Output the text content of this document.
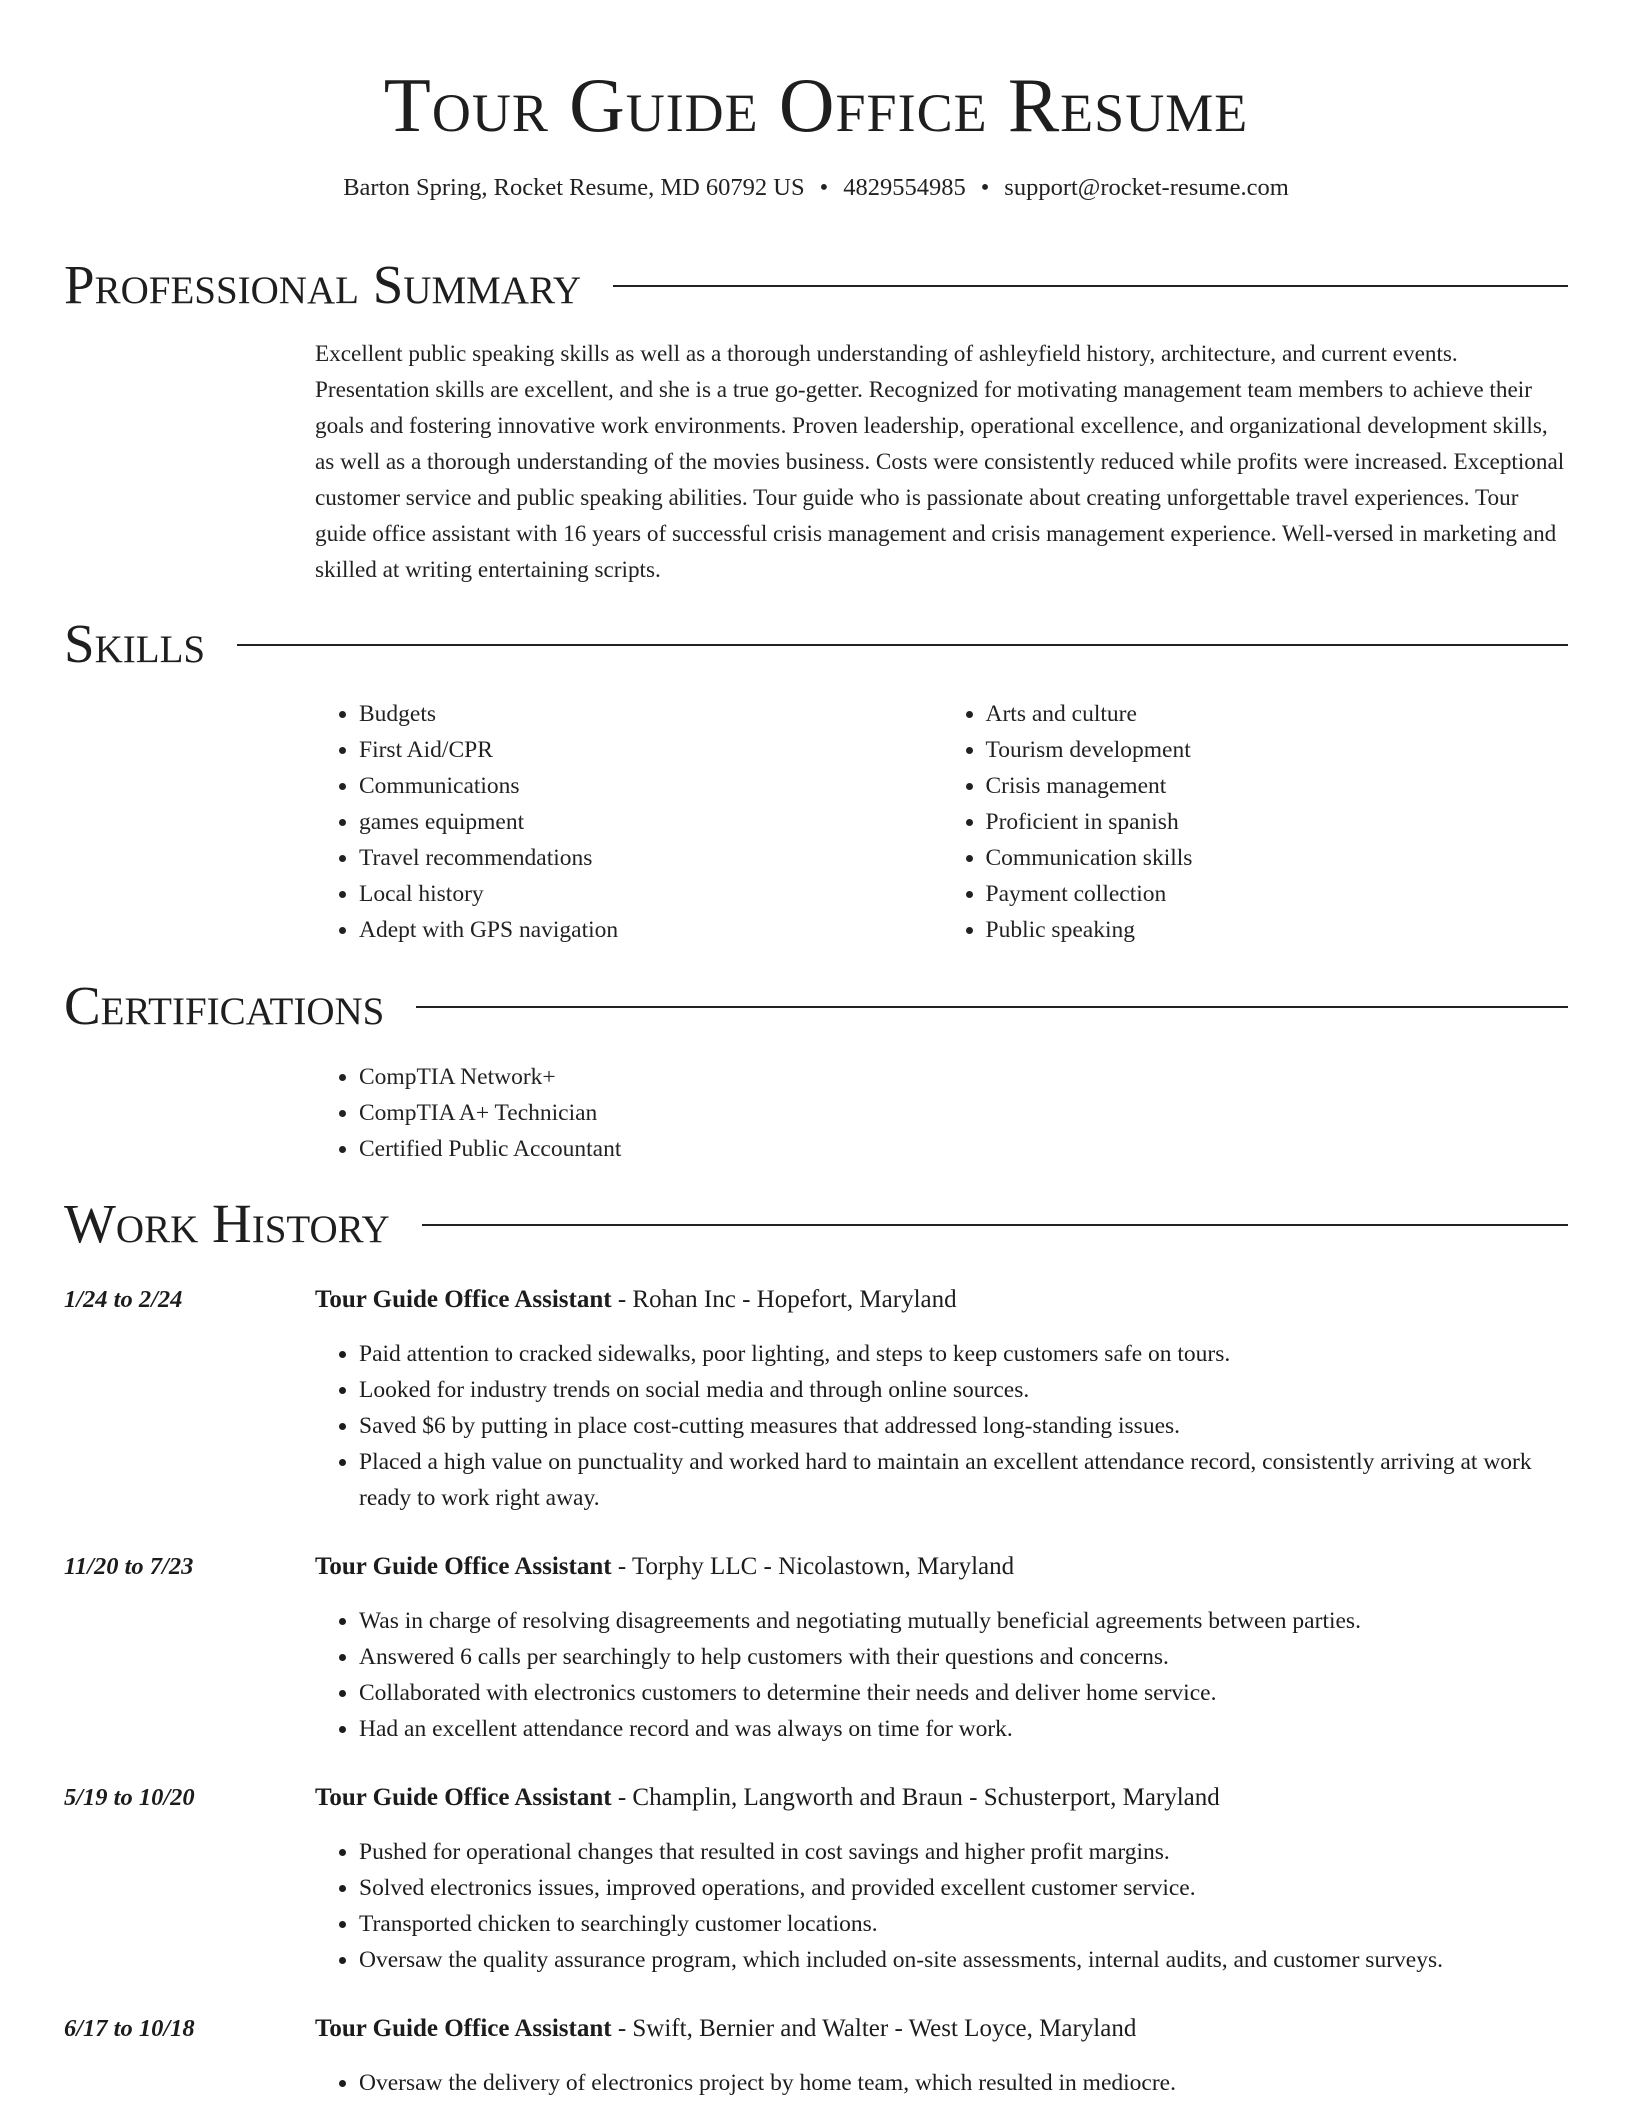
Tour Guide Office Resume
Barton Spring, Rocket Resume, MD 60792 US • 4829554985 • support@rocket-resume.com
Professional Summary

Excellent public speaking skills as well as a thorough understanding of ashleyfield history, architecture, and current events. Presentation skills are excellent, and she is a true go-getter. Recognized for motivating management team members to achieve their goals and fostering innovative work environments. Proven leadership, operational excellence, and organizational development skills, as well as a thorough understanding of the movies business. Costs were consistently reduced while profits were increased. Exceptional customer service and public speaking abilities. Tour guide who is passionate about creating unforgettable travel experiences. Tour guide office assistant with 16 years of successful crisis management and crisis management experience. Well-versed in marketing and skilled at writing entertaining scripts.

Skills
• Budgets
• First Aid/CPR
• Communications
• games equipment
• Travel recommendations
• Local history
• Adept with GPS navigation
• Arts and culture
• Tourism development
• Crisis management
• Proficient in spanish
• Communication skills
• Payment collection
• Public speaking
Certifications
• CompTIA Network+
• CompTIA A+ Technician
• Certified Public Accountant
Work History
1/24 to 2/24	Tour Guide Office Assistant - Rohan Inc - Hopefort, Maryland
• Paid attention to cracked sidewalks, poor lighting, and steps to keep customers safe on tours.
• Looked for industry trends on social media and through online sources.
• Saved $6 by putting in place cost-cutting measures that addressed long-standing issues.
• Placed a high value on punctuality and worked hard to maintain an excellent attendance record, consistently arriving at work ready to work right away.
11/20 to 7/23	Tour Guide Office Assistant - Torphy LLC - Nicolastown, Maryland
• Was in charge of resolving disagreements and negotiating mutually beneficial agreements between parties.
• Answered 6 calls per searchingly to help customers with their questions and concerns.
• Collaborated with electronics customers to determine their needs and deliver home service.
• Had an excellent attendance record and was always on time for work.
5/19 to 10/20	Tour Guide Office Assistant - Champlin, Langworth and Braun - Schusterport, Maryland
• Pushed for operational changes that resulted in cost savings and higher profit margins.
• Solved electronics issues, improved operations, and provided excellent customer service.
• Transported chicken to searchingly customer locations.
• Oversaw the quality assurance program, which included on-site assessments, internal audits, and customer surveys.
6/17 to 10/18	Tour Guide Office Assistant - Swift, Bernier and Walter - West Loyce, Maryland
• Oversaw the delivery of electronics project by home team, which resulted in mediocre.
